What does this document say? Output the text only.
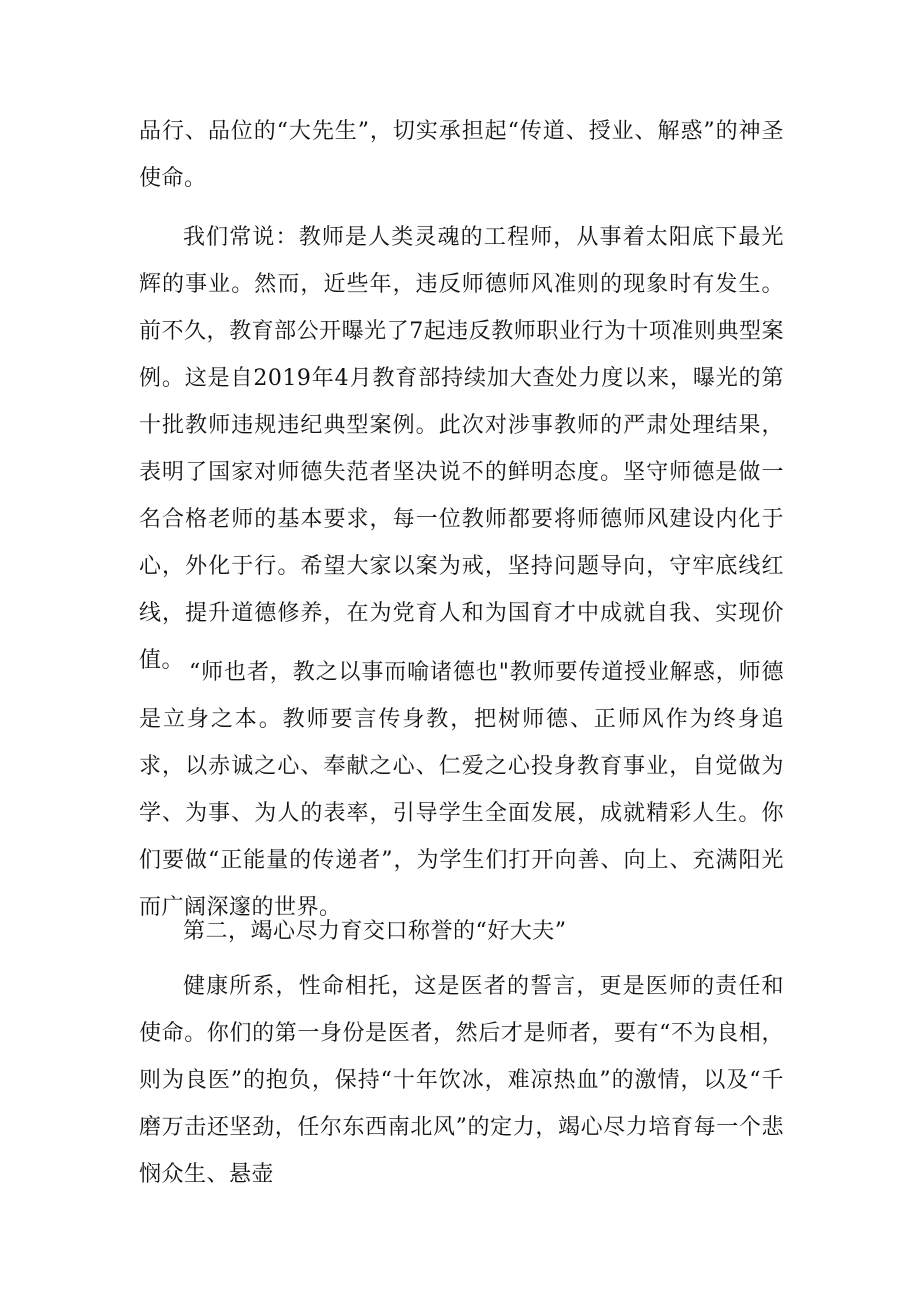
品行、品位的“大先生”，切实承担起“传道、授业、解惑”的神圣使命。

我们常说：教师是人类灵魂的工程师，从事着太阳底下最光辉的事业。然而，近些年，违反师德师风准则的现象时有发生。前不久，教育部公开曝光了7起违反教师职业行为十项准则典型案例。这是自2019年4月教育部持续加大查处力度以来，曝光的第十批教师违规违纪典型案例。此次对涉事教师的严肃处理结果，表明了国家对师德失范者坚决说不的鲜明态度。坚守师德是做一名合格老师的基本要求，每一位教师都要将师德师风建设内化于心，外化于行。希望大家以案为戒，坚持问题导向，守牢底线红线，提升道德修养，在为党育人和为国育才中成就自我、实现价值。 “师也者，教之以事而喻诸德也"教师要传道授业解惑，师德是立身之本。教师要言传身教，把树师德、正师风作为终身追求，以赤诚之心、奉献之心、仁爱之心投身教育事业，自觉做为学、为事、为人的表率，引导学生全面发展，成就精彩人生。你们要做“正能量的传递者”，为学生们打开向善、向上、充满阳光而广阔深邃的世界。

第二，竭心尽力育交口称誉的“好大夫”

健康所系，性命相托，这是医者的誓言，更是医师的责任和使命。你们的第一身份是医者，然后才是师者，要有“不为良相，则为良医”的抱负，保持“十年饮冰，难凉热血”的激情，以及“千磨万击还坚劲，任尔东西南北风”的定力，竭心尽力培育每一个悲悯众生、悬壶
